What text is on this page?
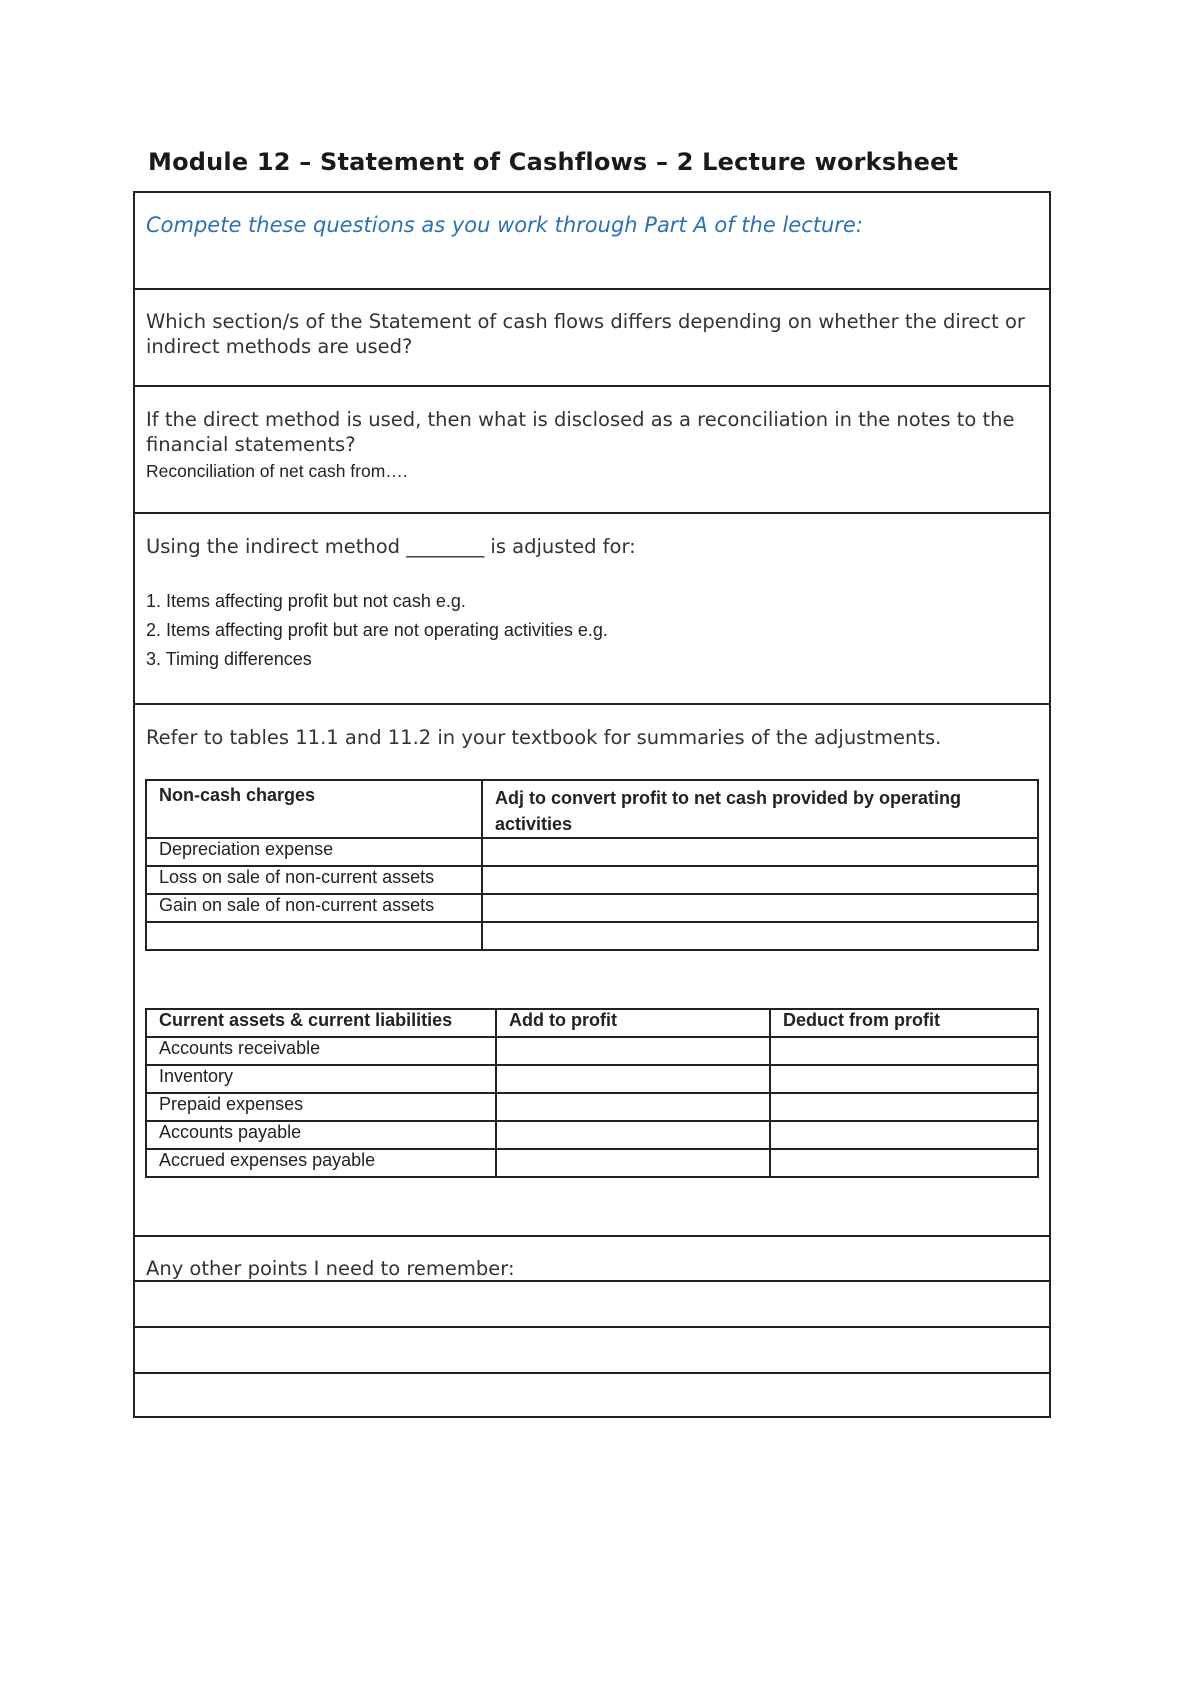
Module 12 – Statement of Cashflows – 2 Lecture worksheet
Compete these questions as you work through Part A of the lecture:
Which section/s of the Statement of cash flows differs depending on whether the direct or indirect methods are used?
If the direct method is used, then what is disclosed as a reconciliation in the notes to the financial statements?
Reconciliation of net cash from….
Using the indirect method ________ is adjusted for:
1. Items affecting profit but not cash e.g.
2. Items affecting profit but are not operating activities e.g.
3. Timing differences
Refer to tables 11.1 and 11.2 in your textbook for summaries of the adjustments.
Non-cash charges	Adj to convert profit to net cash provided by operating activities
Depreciation expense	
Loss on sale of non-current assets	
Gain on sale of non-current assets	

Current assets & current liabilities	Add to profit	Deduct from profit
Accounts receivable		
Inventory		
Prepaid expenses		
Accounts payable		
Accrued expenses payable		
Any other points I need to remember:
